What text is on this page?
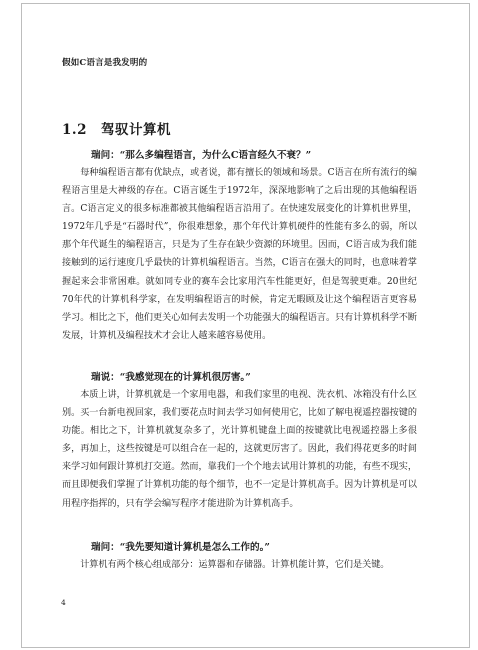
假如C语言是我发明的
1.2 驾驭计算机
瑞问：“那么多编程语言，为什么C语言经久不衰？”

每种编程语言都有优缺点，或者说，都有擅长的领域和场景。C语言在所有流行的编程语言里是大神级的存在。C语言诞生于1972年，深深地影响了之后出现的其他编程语言。C语言定义的很多标准都被其他编程语言沿用了。在快速发展变化的计算机世界里，1972年几乎是“石器时代”，你很难想象，那个年代计算机硬件的性能有多么的弱，所以那个年代诞生的编程语言，只是为了生存在缺少资源的环境里。因而，C语言成为我们能接触到的运行速度几乎最快的计算机编程语言。当然，C语言在强大的同时，也意味着掌握起来会非常困难。就如同专业的赛车会比家用汽车性能更好，但是驾驶更难。20世纪70年代的计算机科学家，在发明编程语言的时候，肯定无暇顾及让这个编程语言更容易学习。相比之下，他们更关心如何去发明一个功能强大的编程语言。只有计算机科学不断发展，计算机及编程技术才会让人越来越容易使用。

瑞说：“我感觉现在的计算机很厉害。”

本质上讲，计算机就是一个家用电器，和我们家里的电视、洗衣机、冰箱没有什么区别。买一台新电视回家，我们要花点时间去学习如何使用它，比如了解电视遥控器按键的功能。相比之下，计算机就复杂多了，光计算机键盘上面的按键就比电视遥控器上多很多，再加上，这些按键是可以组合在一起的，这就更厉害了。因此，我们得花更多的时间来学习如何跟计算机打交道。然而，靠我们一个个地去试用计算机的功能，有些不现实，而且即便我们掌握了计算机功能的每个细节，也不一定是计算机高手。因为计算机是可以用程序指挥的，只有学会编写程序才能进阶为计算机高手。

瑞问：“我先要知道计算机是怎么工作的。”

计算机有两个核心组成部分：运算器和存储器。计算机能计算，它们是关键。

4
